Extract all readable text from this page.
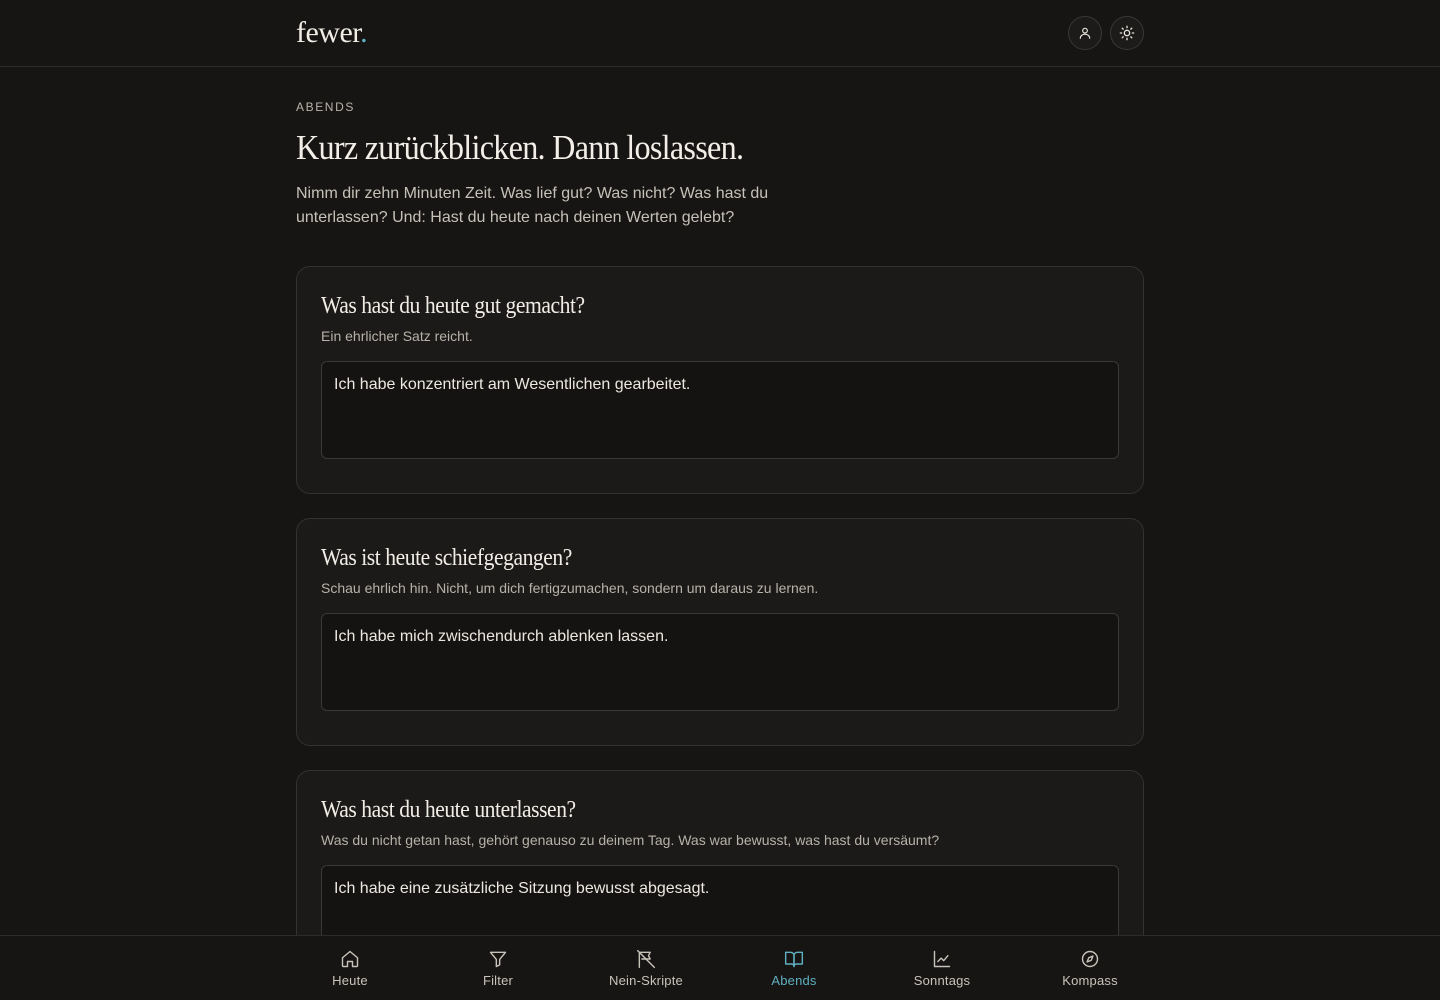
fewer.
ABENDS
Kurz zurückblicken. Dann loslassen.

Nimm dir zehn Minuten Zeit. Was lief gut? Was nicht? Was hast du unterlassen? Und: Hast du heute nach deinen Werten gelebt?

Was hast du heute gut gemacht?

Ein ehrlicher Satz reicht.

Ich habe konzentriert am Wesentlichen gearbeitet.
Was ist heute schiefgegangen?

Schau ehrlich hin. Nicht, um dich fertigzumachen, sondern um daraus zu lernen.

Ich habe mich zwischendurch ablenken lassen.
Was hast du heute unterlassen?

Was du nicht getan hast, gehört genauso zu deinem Tag. Was war bewusst, was hast du versäumt?

Ich habe eine zusätzliche Sitzung bewusst abgesagt.
Heute	Filter	Nein-Skripte	Abends	Sonntags	Kompass
